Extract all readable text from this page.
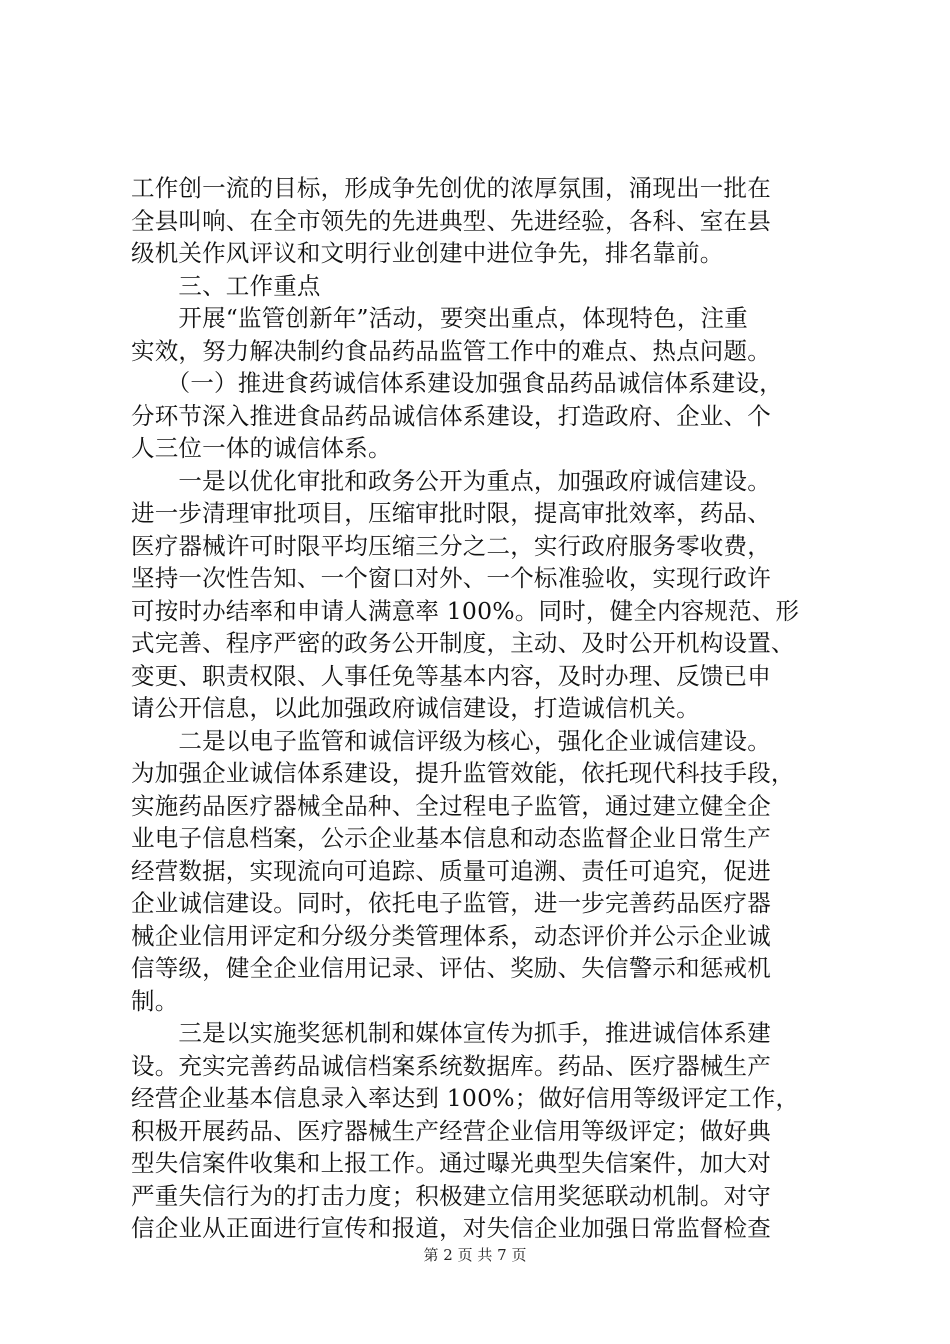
工作创一流的目标，形成争先创优的浓厚氛围，涌现出一批在
全县叫响、在全市领先的先进典型、先进经验，各科、室在县
级机关作风评议和文明行业创建中进位争先，排名靠前。
　　三、工作重点
　　开展“监管创新年”活动，要突出重点，体现特色，注重
实效，努力解决制约食品药品监管工作中的难点、热点问题。
　　（一）推进食药诚信体系建设加强食品药品诚信体系建设，
分环节深入推进食品药品诚信体系建设，打造政府、企业、个
人三位一体的诚信体系。
　　一是以优化审批和政务公开为重点，加强政府诚信建设。
进一步清理审批项目，压缩审批时限，提高审批效率，药品、
医疗器械许可时限平均压缩三分之二，实行政府服务零收费，
坚持一次性告知、一个窗口对外、一个标准验收，实现行政许
可按时办结率和申请人满意率 100%。同时，健全内容规范、形
式完善、程序严密的政务公开制度，主动、及时公开机构设置、
变更、职责权限、人事任免等基本内容，及时办理、反馈已申
请公开信息，以此加强政府诚信建设，打造诚信机关。
　　二是以电子监管和诚信评级为核心，强化企业诚信建设。
为加强企业诚信体系建设，提升监管效能，依托现代科技手段，
实施药品医疗器械全品种、全过程电子监管，通过建立健全企
业电子信息档案，公示企业基本信息和动态监督企业日常生产
经营数据，实现流向可追踪、质量可追溯、责任可追究，促进
企业诚信建设。同时，依托电子监管，进一步完善药品医疗器
械企业信用评定和分级分类管理体系，动态评价并公示企业诚
信等级，健全企业信用记录、评估、奖励、失信警示和惩戒机
制。
　　三是以实施奖惩机制和媒体宣传为抓手，推进诚信体系建
设。充实完善药品诚信档案系统数据库。药品、医疗器械生产
经营企业基本信息录入率达到 100%；做好信用等级评定工作，
积极开展药品、医疗器械生产经营企业信用等级评定；做好典
型失信案件收集和上报工作。通过曝光典型失信案件，加大对
严重失信行为的打击力度；积极建立信用奖惩联动机制。对守
信企业从正面进行宣传和报道，对失信企业加强日常监督检查
第 2 页 共 7 页
